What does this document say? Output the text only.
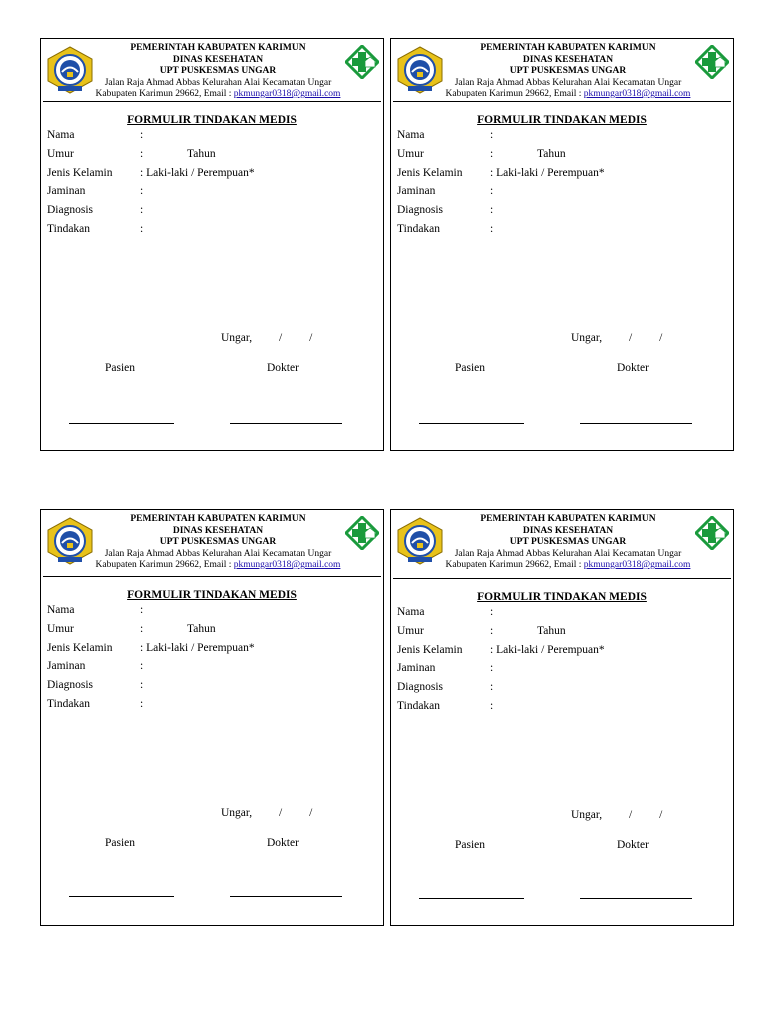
PEMERINTAH KABUPATEN KARIMUN
DINAS KESEHATAN
UPT PUSKESMAS UNGAR
Jalan Raja Ahmad Abbas Kelurahan Alai Kecamatan Ungar
Kabupaten Karimun 29662, Email : pkmungar0318@gmail.com
FORMULIR TINDAKAN MEDIS
Nama	:
Umur	:	Tahun
Jenis Kelamin : Laki-laki / Perempuan*
Jaminan	:
Diagnosis	:
Tindakan	:
Ungar, / /
Pasien	Dokter
PEMERINTAH KABUPATEN KARIMUN
DINAS KESEHATAN
UPT PUSKESMAS UNGAR
Jalan Raja Ahmad Abbas Kelurahan Alai Kecamatan Ungar
Kabupaten Karimun 29662, Email : pkmungar0318@gmail.com
FORMULIR TINDAKAN MEDIS
Nama	:
Umur	:	Tahun
Jenis Kelamin : Laki-laki / Perempuan*
Jaminan	:
Diagnosis	:
Tindakan	:
Ungar, / /
Pasien	Dokter
PEMERINTAH KABUPATEN KARIMUN
DINAS KESEHATAN
UPT PUSKESMAS UNGAR
Jalan Raja Ahmad Abbas Kelurahan Alai Kecamatan Ungar
Kabupaten Karimun 29662, Email : pkmungar0318@gmail.com
FORMULIR TINDAKAN MEDIS
Nama	:
Umur	:	Tahun
Jenis Kelamin : Laki-laki / Perempuan*
Jaminan	:
Diagnosis	:
Tindakan	:
Ungar, / /
Pasien	Dokter
PEMERINTAH KABUPATEN KARIMUN
DINAS KESEHATAN
UPT PUSKESMAS UNGAR
Jalan Raja Ahmad Abbas Kelurahan Alai Kecamatan Ungar
Kabupaten Karimun 29662, Email : pkmungar0318@gmail.com
FORMULIR TINDAKAN MEDIS
Nama	:
Umur	:	Tahun
Jenis Kelamin : Laki-laki / Perempuan*
Jaminan	:
Diagnosis	:
Tindakan	:
Ungar, / /
Pasien	Dokter
